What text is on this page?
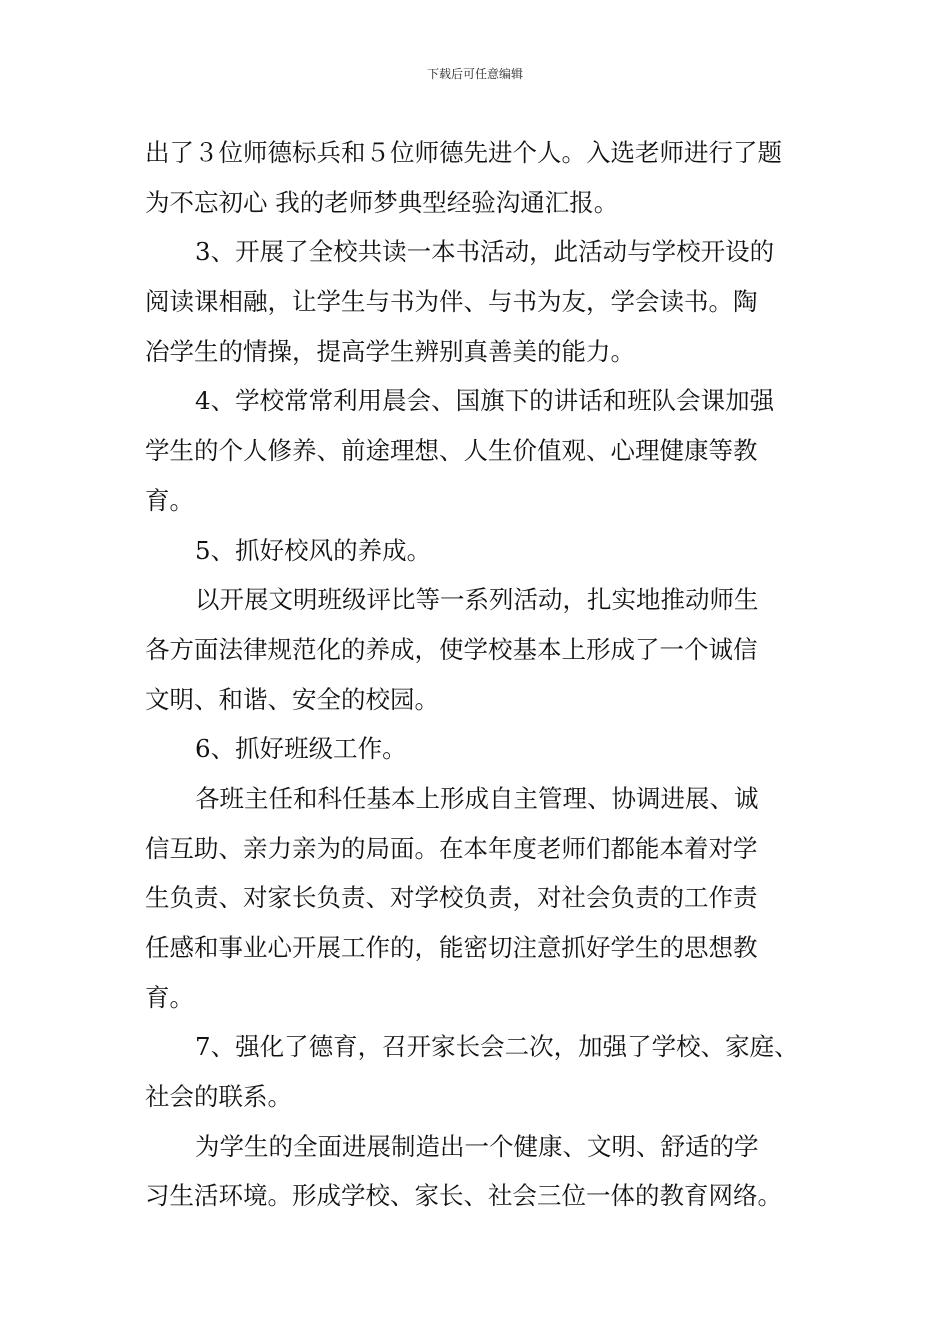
下载后可任意编辑

出了３位师德标兵和５位师德先进个人。入选老师进行了题
为不忘初心 我的老师梦典型经验沟通汇报。

3、开展了全校共读一本书活动，此活动与学校开设的
阅读课相融，让学生与书为伴、与书为友，学会读书。陶
冶学生的情操，提高学生辨别真善美的能力。

4、学校常常利用晨会、国旗下的讲话和班队会课加强
学生的个人修养、前途理想、人生价值观、心理健康等教
育。

5、抓好校风的养成。

以开展文明班级评比等一系列活动，扎实地推动师生
各方面法律规范化的养成，使学校基本上形成了一个诚信
文明、和谐、安全的校园。

6、抓好班级工作。

各班主任和科任基本上形成自主管理、协调进展、诚
信互助、亲力亲为的局面。在本年度老师们都能本着对学
生负责、对家长负责、对学校负责，对社会负责的工作责
任感和事业心开展工作的，能密切注意抓好学生的思想教
育。

7、强化了德育，召开家长会二次，加强了学校、家庭、
社会的联系。

为学生的全面进展制造出一个健康、文明、舒适的学
习生活环境。形成学校、家长、社会三位一体的教育网络。
